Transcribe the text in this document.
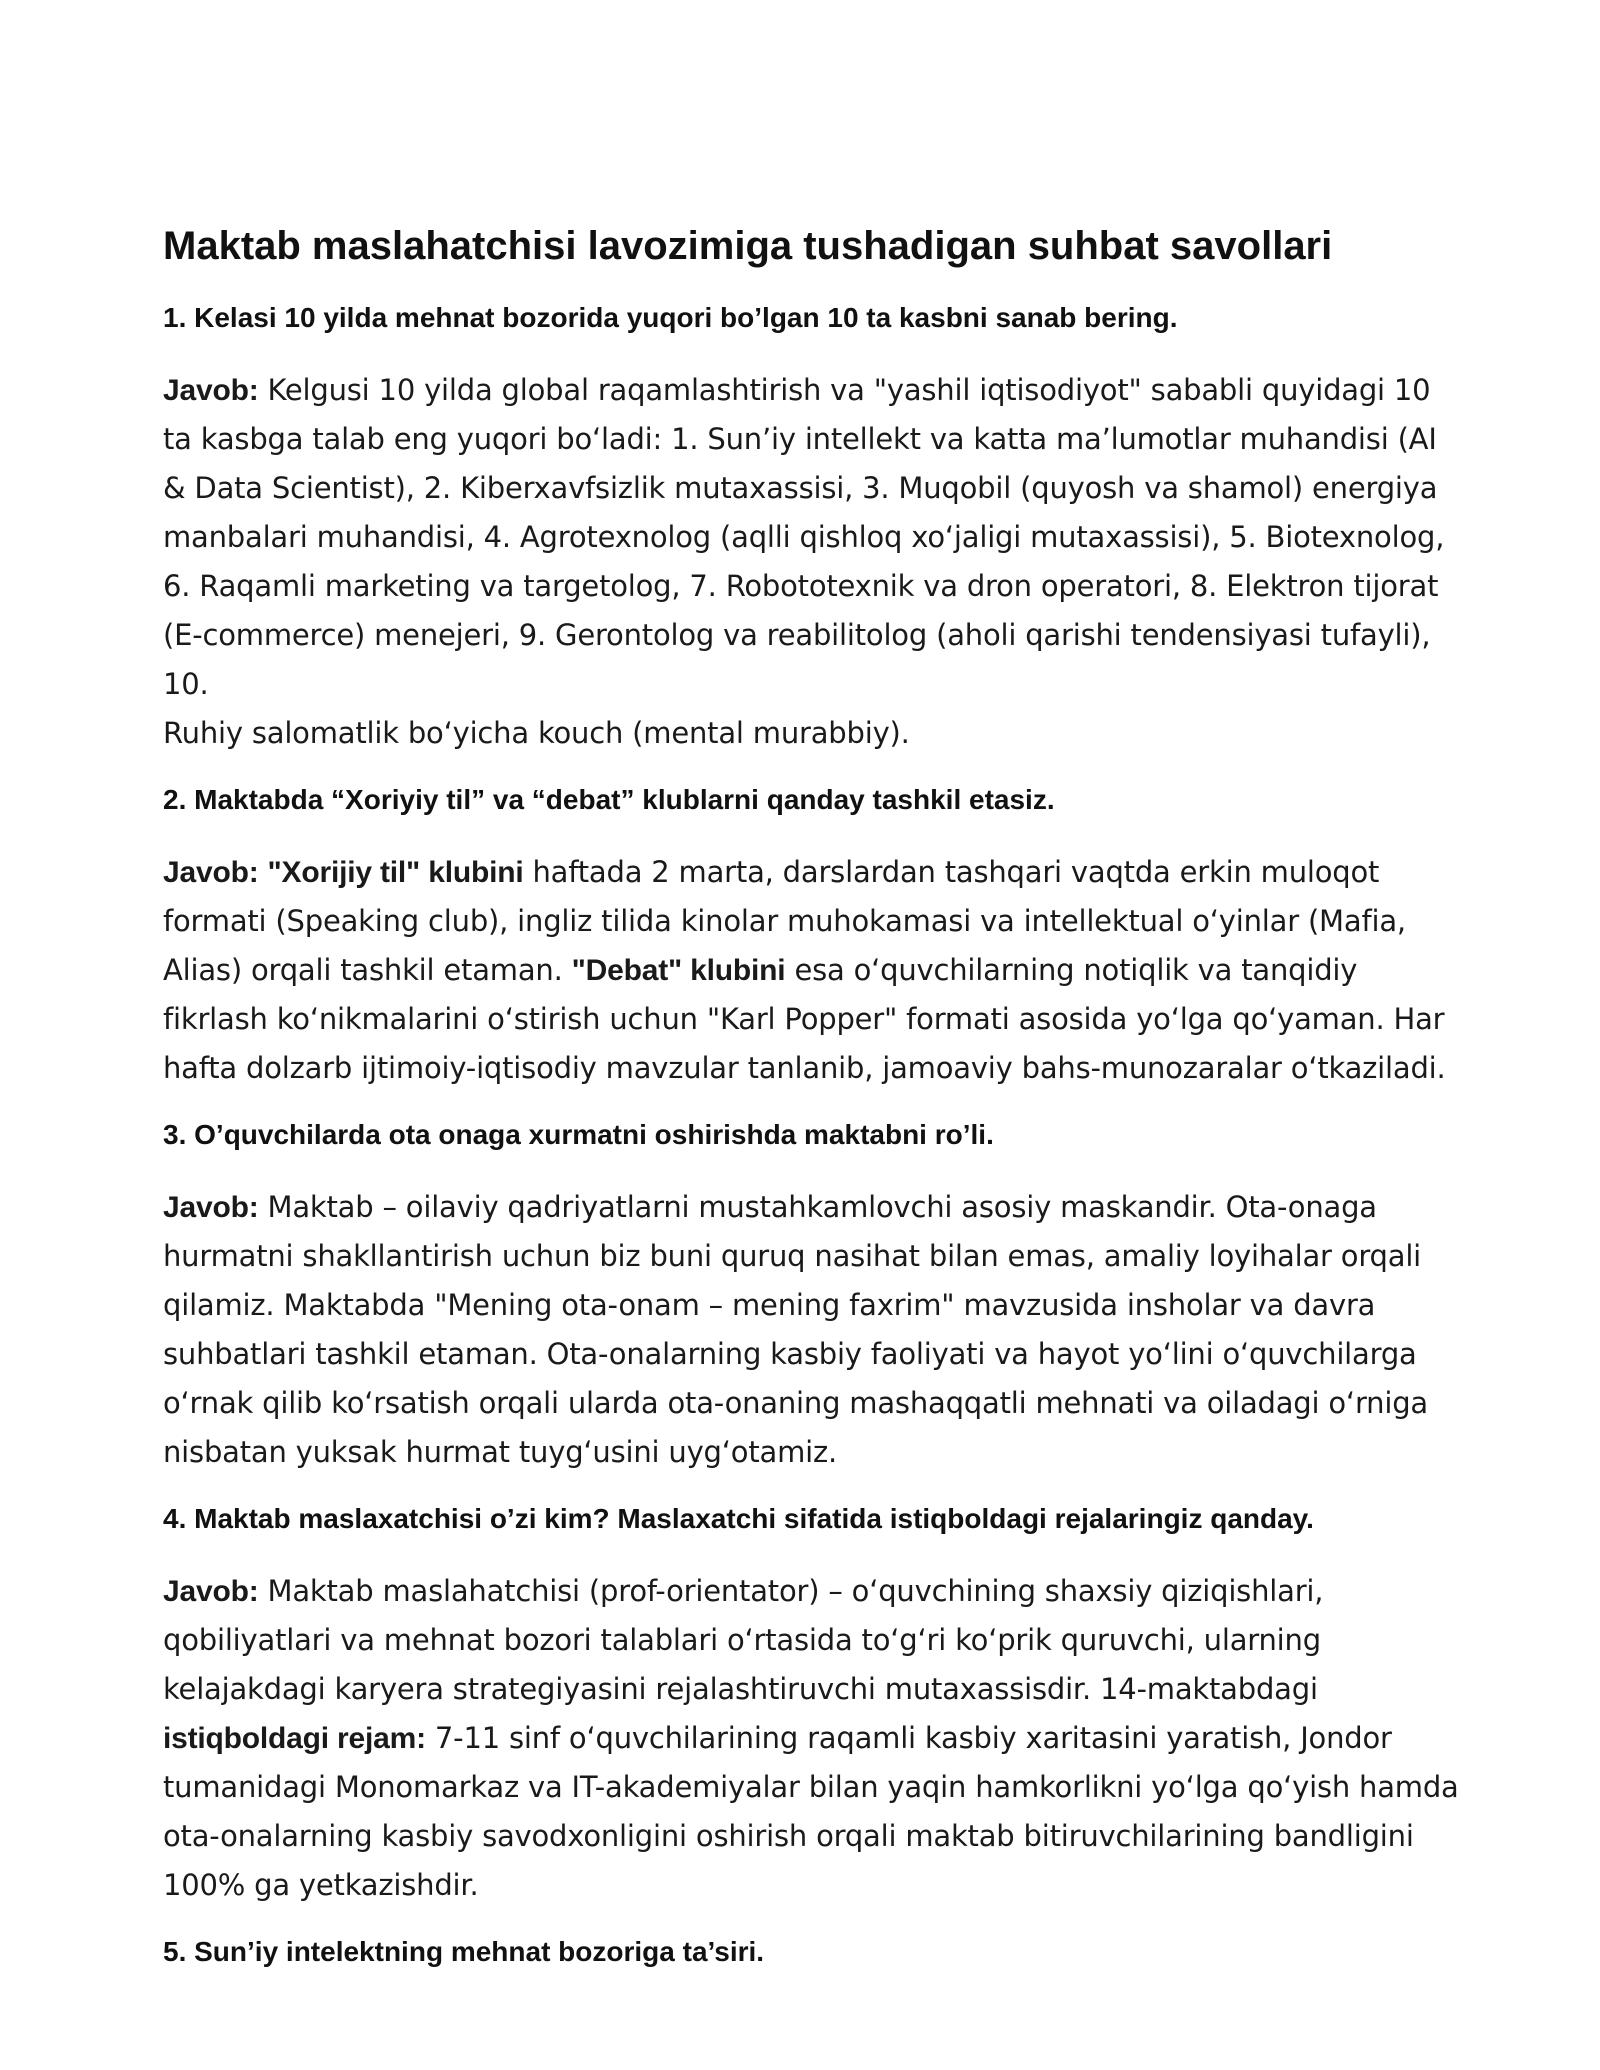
Maktab maslahatchisi lavozimiga tushadigan suhbat savollari

1. Kelasi 10 yilda mehnat bozorida yuqori bo’lgan 10 ta kasbni sanab bering.

Javob: Kelgusi 10 yilda global raqamlashtirish va "yashil iqtisodiyot" sababli quyidagi 10 ta kasbga talab eng yuqori boʻladi: 1. Sunʼiy intellekt va katta maʼlumotlar muhandisi (AI & Data Scientist), 2. Kiberxavfsizlik mutaxassisi, 3. Muqobil (quyosh va shamol) energiya manbalari muhandisi, 4. Agrotexnolog (aqlli qishloq xoʻjaligi mutaxassisi), 5. Biotexnolog, 6. Raqamli marketing va targetolog, 7. Robototexnik va dron operatori, 8. Elektron tijorat (E-commerce) menejeri, 9. Gerontolog va reabilitolog (aholi qarishi tendensiyasi tufayli), 10.
Ruhiy salomatlik boʻyicha kouch (mental murabbiy).

2. Maktabda “Xoriyiy til” va “debat” klublarni qanday tashkil etasiz.

Javob: "Xorijiy til" klubini haftada 2 marta, darslardan tashqari vaqtda erkin muloqot formati (Speaking club), ingliz tilida kinolar muhokamasi va intellektual oʻyinlar (Mafia, Alias) orqali tashkil etaman. "Debat" klubini esa oʻquvchilarning notiqlik va tanqidiy fikrlash koʻnikmalarini oʻstirish uchun "Karl Popper" formati asosida yoʻlga qoʻyaman. Har hafta dolzarb ijtimoiy-iqtisodiy mavzular tanlanib, jamoaviy bahs-munozaralar oʻtkaziladi.

3. O’quvchilarda ota onaga xurmatni oshirishda maktabni ro’li.

Javob: Maktab – oilaviy qadriyatlarni mustahkamlovchi asosiy maskandir. Ota-onaga hurmatni shakllantirish uchun biz buni quruq nasihat bilan emas, amaliy loyihalar orqali qilamiz. Maktabda "Mening ota-onam – mening faxrim" mavzusida insholar va davra suhbatlari tashkil etaman. Ota-onalarning kasbiy faoliyati va hayot yoʻlini oʻquvchilarga oʻrnak qilib koʻrsatish orqali ularda ota-onaning mashaqqatli mehnati va oiladagi oʻrniga nisbatan yuksak hurmat tuygʻusini uygʻotamiz.

4. Maktab maslaxatchisi o’zi kim? Maslaxatchi sifatida istiqboldagi rejalaringiz qanday.

Javob: Maktab maslahatchisi (prof-orientator) – oʻquvchining shaxsiy qiziqishlari, qobiliyatlari va mehnat bozori talablari oʻrtasida toʻgʻri koʻprik quruvchi, ularning kelajakdagi karyera strategiyasini rejalashtiruvchi mutaxassisdir. 14-maktabdagi istiqboldagi rejam: 7-11 sinf oʻquvchilarining raqamli kasbiy xaritasini yaratish, Jondor tumanidagi Monomarkaz va IT-akademiyalar bilan yaqin hamkorlikni yoʻlga qoʻyish hamda ota-onalarning kasbiy savodxonligini oshirish orqali maktab bitiruvchilarining bandligini 100% ga yetkazishdir.

5. Sun’iy intelektning mehnat bozoriga ta’siri.
